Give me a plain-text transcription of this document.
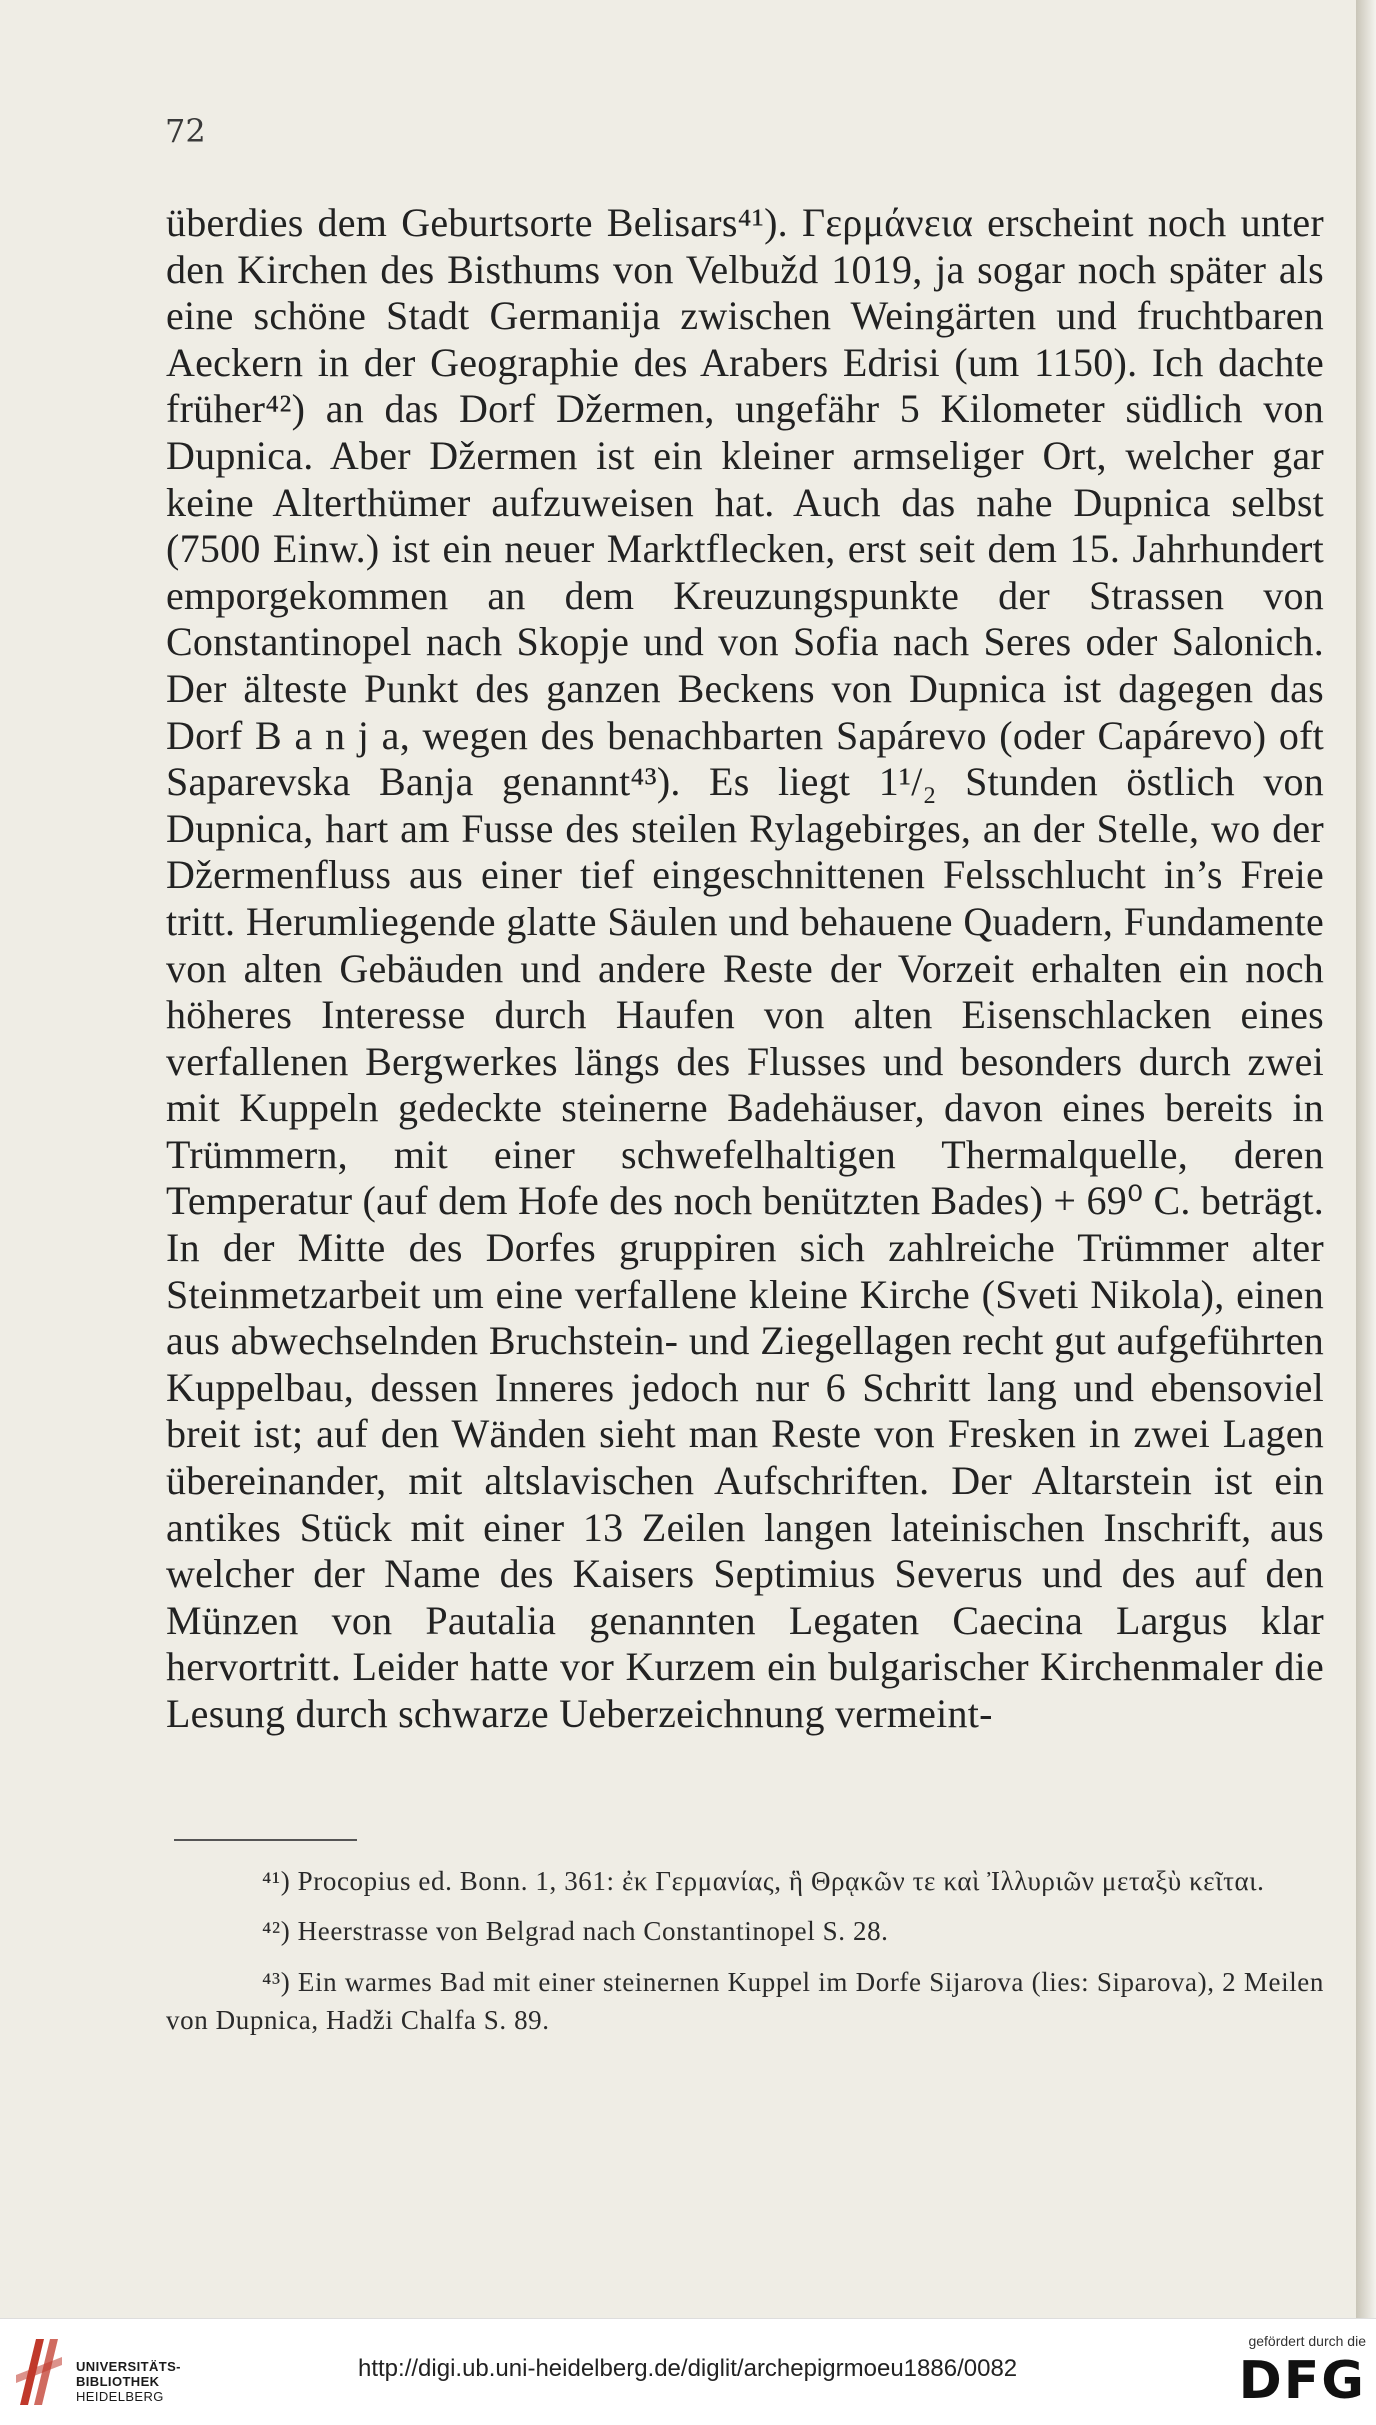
72

überdies dem Geburtsorte Belisars⁴¹). Γερμάνεια erscheint noch unter den Kirchen des Bisthums von Velbužd 1019, ja sogar noch später als eine schöne Stadt Germanija zwischen Weingärten und fruchtbaren Aeckern in der Geographie des Arabers Edrisi (um 1150). Ich dachte früher⁴²) an das Dorf Džermen, ungefähr 5 Kilometer südlich von Dupnica. Aber Džermen ist ein kleiner armseliger Ort, welcher gar keine Alterthümer aufzuweisen hat. Auch das nahe Dupnica selbst (7500 Einw.) ist ein neuer Marktflecken, erst seit dem 15. Jahrhundert emporgekommen an dem Kreuzungspunkte der Strassen von Constantinopel nach Skopje und von Sofia nach Seres oder Salonich. Der älteste Punkt des ganzen Beckens von Dupnica ist dagegen das Dorf B a n j a, wegen des benachbarten Sapárevo (oder Capárevo) oft Saparevska Banja genannt⁴³). Es liegt 1¹/₂ Stunden östlich von Dupnica, hart am Fusse des steilen Rylagebirges, an der Stelle, wo der Džermenfluss aus einer tief eingeschnittenen Felsschlucht in’s Freie tritt. Herumliegende glatte Säulen und behauene Quadern, Fundamente von alten Gebäuden und andere Reste der Vorzeit erhalten ein noch höheres Interesse durch Haufen von alten Eisenschlacken eines verfallenen Bergwerkes längs des Flusses und besonders durch zwei mit Kuppeln gedeckte steinerne Badehäuser, davon eines bereits in Trümmern, mit einer schwefelhaltigen Thermalquelle, deren Temperatur (auf dem Hofe des noch benützten Bades) + 69⁰ C. beträgt. In der Mitte des Dorfes gruppiren sich zahlreiche Trümmer alter Steinmetzarbeit um eine verfallene kleine Kirche (Sveti Nikola), einen aus abwechselnden Bruchstein- und Ziegellagen recht gut aufgeführten Kuppelbau, dessen Inneres jedoch nur 6 Schritt lang und ebensoviel breit ist; auf den Wänden sieht man Reste von Fresken in zwei Lagen übereinander, mit altslavischen Aufschriften. Der Altarstein ist ein antikes Stück mit einer 13 Zeilen langen lateinischen Inschrift, aus welcher der Name des Kaisers Septimius Severus und des auf den Münzen von Pautalia genannten Legaten Caecina Largus klar hervortritt. Leider hatte vor Kurzem ein bulgarischer Kirchenmaler die Lesung durch schwarze Ueberzeichnung vermeint-

⁴¹) Procopius ed. Bonn. 1, 361: ἐκ Γερμανίας, ἣ Θρᾳκῶν τε καὶ Ἰλλυριῶν μεταξὺ κεῖται.

⁴²) Heerstrasse von Belgrad nach Constantinopel S. 28.

⁴³) Ein warmes Bad mit einer steinernen Kuppel im Dorfe Sijarova (lies: Siparova), 2 Meilen von Dupnica, Hadži Chalfa S. 89.

UNIVERSITÄTS-
BIBLIOTHEK
HEIDELBERG

http://digi.ub.uni-heidelberg.de/diglit/archepigrmoeu1886/0082
gefördert durch die
DFG
